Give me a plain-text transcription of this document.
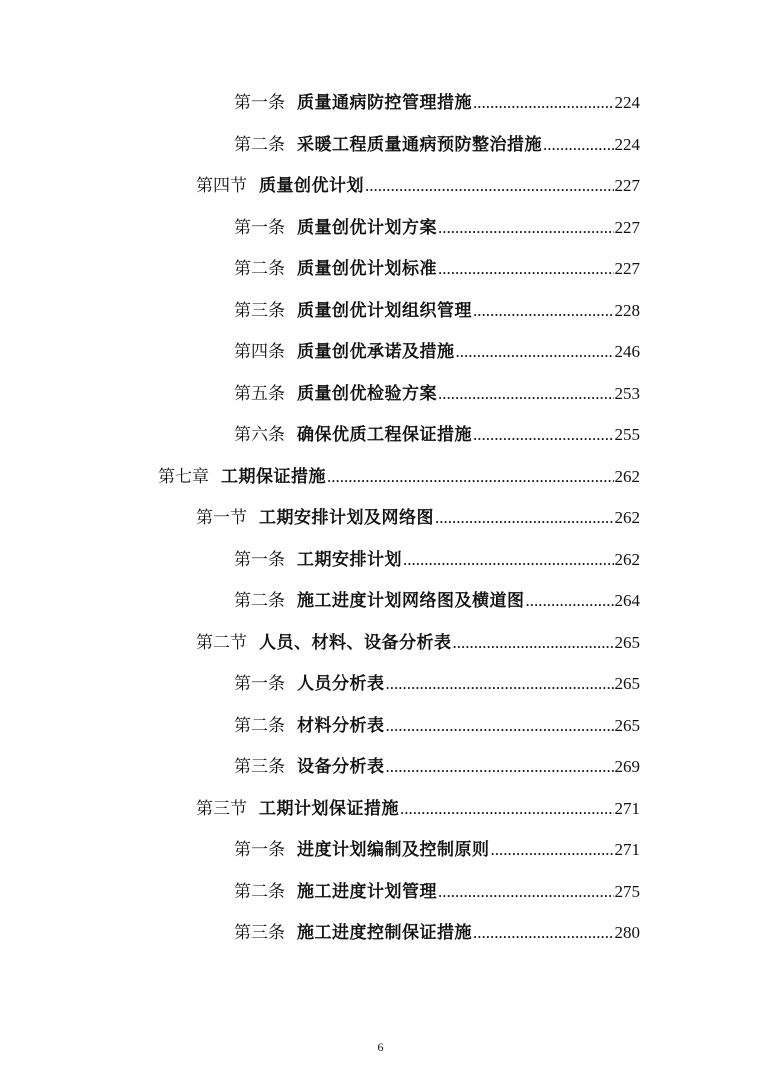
第一条 质量通病防控管理措施 .....	224
第二条 采暖工程质量通病预防整治措施 .....	224
第四节 质量创优计划 .....	227
第一条 质量创优计划方案 .....	227
第二条 质量创优计划标准 .....	227
第三条 质量创优计划组织管理 .....	228
第四条 质量创优承诺及措施 .....	246
第五条 质量创优检验方案 .....	253
第六条 确保优质工程保证措施 .....	255
第七章 工期保证措施 .....	262
第一节 工期安排计划及网络图 .....	262
第一条 工期安排计划 .....	262
第二条 施工进度计划网络图及横道图 .....	264
第二节 人员、材料、设备分析表 .....	265
第一条 人员分析表 .....	265
第二条 材料分析表 .....	265
第三条 设备分析表 .....	269
第三节 工期计划保证措施 .....	271
第一条 进度计划编制及控制原则 .....	271
第二条 施工进度计划管理 .....	275
第三条 施工进度控制保证措施 .....	280
6
